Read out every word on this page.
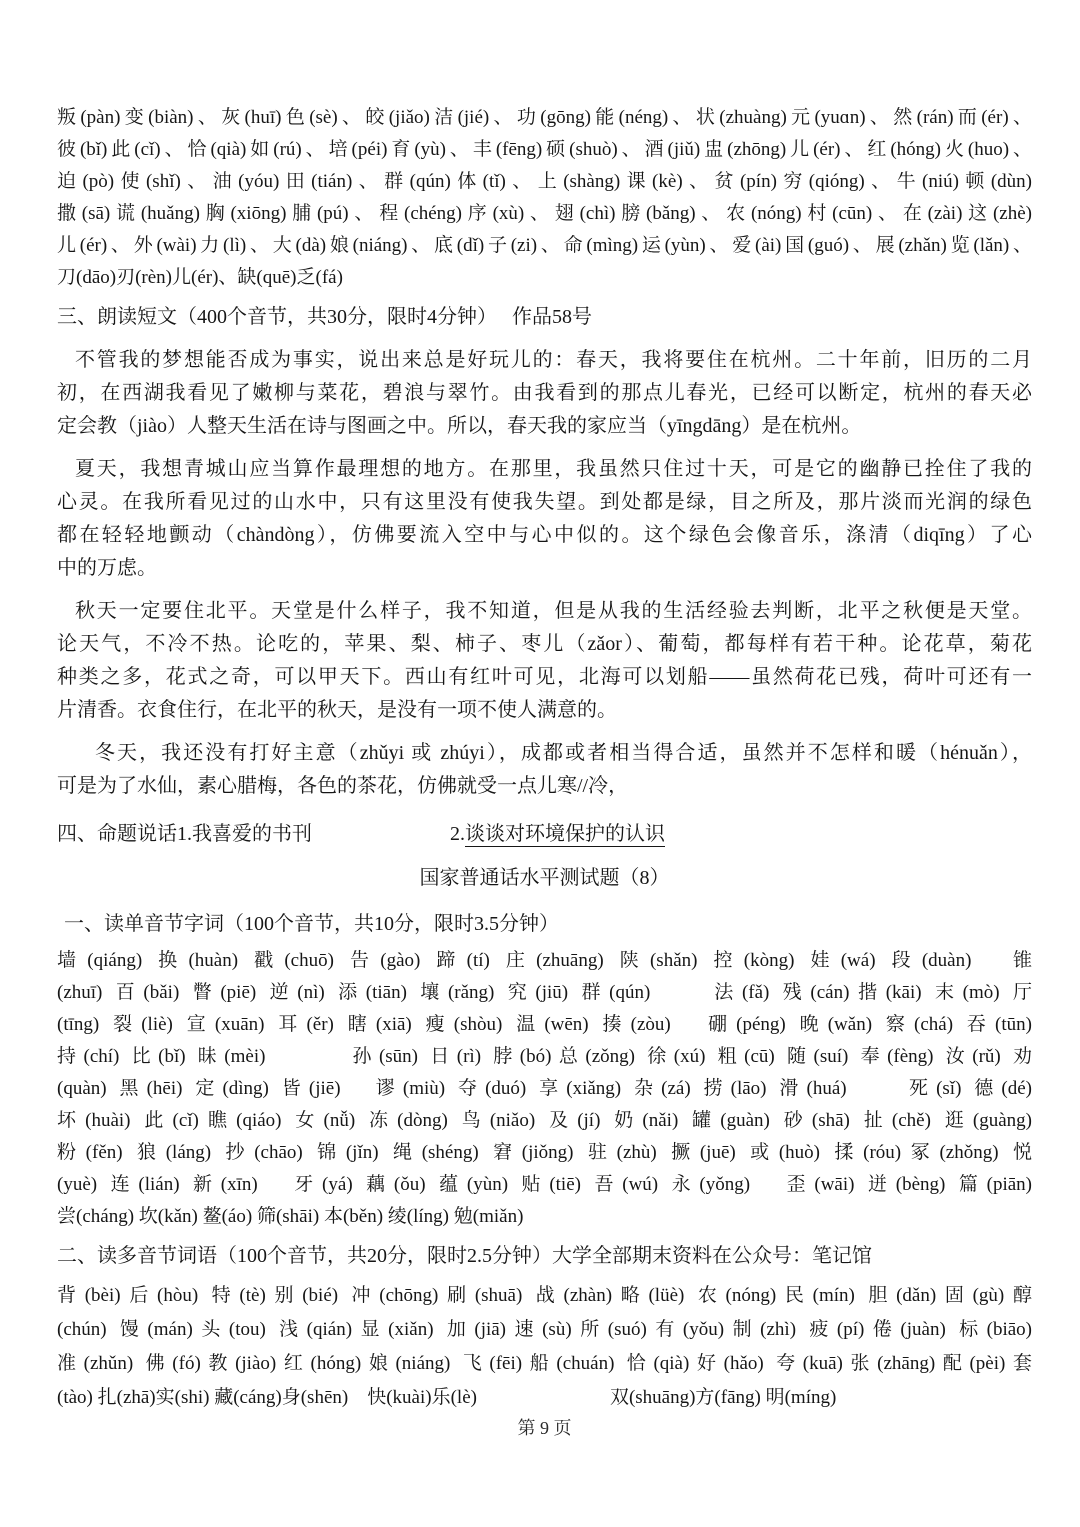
叛(pàn)变(biàn)、灰(huī)色(sè)、皎(jiǎo)洁(jié)、功(gōng)能(néng)、状(zhuàng)元(yuɑn)、然(rán)而(ér)、
彼(bǐ)此(cǐ)、恰(qià)如(rú)、培(péi)育(yù)、丰(fēng)硕(shuò)、酒(jiǔ)盅(zhōng)儿(ér)、红(hóng)火(huo)、
迫(pò)使(shǐ)、油(yóu)田(tián)、群(qún)体(tǐ)、上(shàng)课(kè)、贫(pín)穷(qióng)、牛(niú)顿(dùn)
撒(sā)谎(huǎng)胸(xiōng)脯(pú)、程(chéng)序(xù)、翅(chì)膀(bǎng)、农(nóng)村(cūn)、在(zài)这(zhè)
儿(ér)、外(wài)力(lì)、大(dà)娘(niáng)、底(dǐ)子(zi)、命(mìng)运(yùn)、爱(ài)国(guó)、展(zhǎn)览(lǎn)、
刀(dāo)刃(rèn)儿(ér)、缺(quē)乏(fá)
三、朗读短文（400个音节，共30分，限时4分钟）　 作品58号
不管我的梦想能否成为事实，说出来总是好玩儿的：春天，我将要住在杭州。二十年前，旧历的二月
初，在西湖我看见了嫩柳与菜花，碧浪与翠竹。由我看到的那点儿春光，已经可以断定，杭州的春天必
定会教（jiào）人整天生活在诗与图画之中。所以，春天我的家应当（yīngdāng）是在杭州。
夏天，我想青城山应当算作最理想的地方。在那里，我虽然只住过十天，可是它的幽静已拴住了我的
心灵。在我所看见过的山水中，只有这里没有使我失望。到处都是绿，目之所及，那片淡而光润的绿色
都在轻轻地颤动（chàndòng），仿佛要流入空中与心中似的。这个绿色会像音乐，涤清（diqīng）了心
中的万虑。
秋天一定要住北平。天堂是什么样子，我不知道，但是从我的生活经验去判断，北平之秋便是天堂。
论天气，不冷不热。论吃的，苹果、梨、柿子、枣儿（zǎor）、葡萄，都每样有若干种。论花草，菊花
种类之多，花式之奇，可以甲天下。西山有红叶可见，北海可以划船——虽然荷花已残，荷叶可还有一
片清香。衣食住行，在北平的秋天，是没有一项不使人满意的。
冬天，我还没有打好主意（zhǔyi 或 zhúyi），成都或者相当得合适，虽然并不怎样和暖（hénuǎn），
可是为了水仙，素心腊梅，各色的茶花，仿佛就受一点儿寒//冷，
四、命题说话1.我喜爱的书刊	2.谈谈对环境保护的认识
国家普通话水平测试题（8）
一、读单音节字词（100个音节，共10分，限时3.5分钟）
墙(qiáng) 换(huàn) 戳(chuō) 告(gào) 蹄(tí) 庄(zhuāng) 陕(shǎn) 控(kòng) 娃(wá) 段(duàn)　锥
(zhuī) 百(bǎi) 瞥(piē) 逆(nì) 添(tiān) 壤(rǎng) 究(jiū) 群(qún)　　法(fǎ) 残(cán)揩(kāi) 末(mò) 厅
(tīng) 裂(liè) 宣(xuān) 耳(ěr) 瞎(xiā) 瘦(shòu) 温(wēn) 揍(zòu)　硼(péng) 晚(wǎn) 察(chá) 吞(tūn)
持(chí) 比(bǐ) 昧(mèi)　　　孙(sūn) 日(rì) 脖(bó)总(zǒng) 徐(xú) 粗(cū) 随(suí) 奉(fèng) 汝(rǔ) 劝
(quàn) 黑(hēi) 定(dìng) 皆(jiē)　谬(miù) 夺(duó) 享(xiǎng) 杂(zá) 捞(lāo) 滑(huá)　　死(sǐ) 德(dé)
坏(huài) 此(cǐ)瞧(qiáo) 女(nǚ) 冻(dòng) 鸟(niǎo) 及(jí) 奶(nǎi) 罐(guàn) 砂(shā) 扯(chě) 逛(guàng)
粉(fěn) 狼(láng) 抄(chāo) 锦(jǐn) 绳(shéng) 窘(jiǒng) 驻(zhù) 撅(juē) 或(huò) 揉(róu)冢(zhǒng) 悦
(yuè) 连(lián) 新(xīn)　牙(yá) 藕(ǒu) 蕴(yùn) 贴(tiē) 吾(wú) 永(yǒng)　歪(wāi) 迸(bèng) 篇(piān)
尝(cháng) 坎(kǎn) 鳌(áo) 筛(shāi) 本(běn) 绫(líng) 勉(miǎn)
二、读多音节词语（100个音节，共20分，限时2.5分钟）大学全部期末资料在公众号：笔记馆
背(bèi)后(hòu) 特(tè)别(bié) 冲(chōng)刷(shuā) 战(zhàn)略(lüè) 农(nóng)民(mín) 胆(dǎn)固(gù)醇
(chún) 馒(mán)头(tou) 浅(qián)显(xiǎn) 加(jiā)速(sù)所(suó)有(yǒu)制(zhì) 疲(pí)倦(juàn) 标(biāo)
准(zhǔn) 佛(fó)教(jiào)红(hóng)娘(niáng) 飞(fēi)船(chuán) 恰(qià)好(hǎo) 夸(kuā)张(zhāng)配(pèi)套
(tào) 扎(zhā)实(shi) 藏(cáng)身(shēn)　快(kuài)乐(lè)　　　　　　　双(shuāng)方(fāng) 明(míng)
第 9 页
